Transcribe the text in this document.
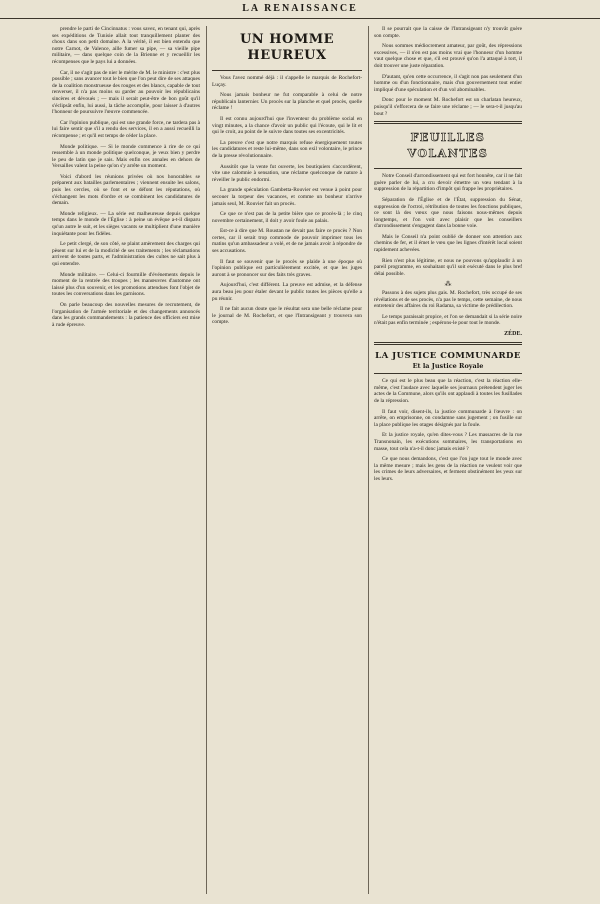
LA RENAISSANCE

prendre le parti de Cincinnatus : vous savez, en tenant qui, après ses expéditions de Tunisie allait tout tranquillement planter des choux dans son petit domaine. A la vérité, il est bien entendu que notre Carnot, de Valence, aille fumer sa pipe, — sa vieille pipe militaire, — dans quelque coin de la Brienne et y recueillir les récompenses que le pays lui a données.

Car, il ne s'agit pas de nier le mérite de M. le ministre : c'est plus possible ; sans avancer tout le bien que l'on peut dire de ses attaques de la coalition monstrueuse des rouges et des blancs, capable de tout renverser, il n'a pas moins su garder au pouvoir les républicains sincères et dévoués ; — mais il serait peut-être de bon goût qu'il s'éclipsât enfin, lui aussi, la tâche accomplie, pour laisser à d'autres l'honneur de poursuivre l'œuvre commencée.

Car l'opinion publique, qui est une grande force, ne tardera pas à lui faire sentir que s'il a rendu des services, il en a aussi recueilli la récompense ; et qu'il est temps de céder la place.

Monde politique. — Si le monde commence à rire de ce qui ressemble à un monde politique quelconque, je veux bien y perdre le peu de latin que je sais. Mais enfin ces annales en dehors de Versailles valent la peine qu'on s'y arrête un moment.

Voici d'abord les réunions privées où nos honorables se préparent aux batailles parlementaires ; viennent ensuite les salons, puis les cercles, où se font et se défont les réputations, où s'échangent les mots d'ordre et se combinent les candidatures de demain.

Monde religieux. — La série est malheureuse depuis quelque temps dans le monde de l'Église : à peine un évêque a-t-il disparu qu'un autre le suit, et les sièges vacants se multiplient d'une manière inquiétante pour les fidèles.

Le petit clergé, de son côté, se plaint amèrement des charges qui pèsent sur lui et de la modicité de ses traitements ; les réclamations arrivent de toutes parts, et l'administration des cultes ne sait plus à qui entendre.

Monde militaire. — Celui-ci fourmille d'événements depuis le moment de la rentrée des troupes ; les manœuvres d'automne ont laissé plus d'un souvenir, et les promotions attendues font l'objet de toutes les conversations dans les garnisons.

On parle beaucoup des nouvelles mesures de recrutement, de l'organisation de l'armée territoriale et des changements annoncés dans les grands commandements : la patience des officiers est mise à rude épreuve.

UN HOMME HEUREUX

Vous l'avez nommé déjà : il s'appelle le marquis de Rochefort-Luçay.

Nous jamais bonheur ne fut comparable à celui de notre républicain lanternier. Un procès sur la planche et quel procès, quelle réclame !

Il est connu aujourd'hui que l'inventeur du problème social en vingt minutes, a la chance d'avoir un public qui l'écoute, qui le lit et qui le croit, au point de le suivre dans toutes ses excentricités.

La preuve c'est que notre marquis refuse énergiquement toutes les candidatures et reste lui-même, dans son exil volontaire, le prince de la presse révolutionnaire.

Aussitôt que la vente fut ouverte, les boutiquiers s'accordèrent, vite une calomnie à sensation, une réclame quelconque de nature à réveiller le public endormi.

La grande spéculation Gambetta-Rouvier est venue à point pour secouer la torpeur des vacances, et comme un bonheur n'arrive jamais seul, M. Rouvier fait un procès.

Ce que ce n'est pas de la petite bière que ce procès-là ; le cinq novembre certainement, il doit y avoir foule au palais.

Est-ce à dire que M. Roustan ne devait pas faire ce procès ? Non certes, car il serait trop commode de pouvoir imprimer tous les matins qu'un ambassadeur a volé, et de ne jamais avoir à répondre de ses accusations.

Il faut se souvenir que le procès se plaide à une époque où l'opinion publique est particulièrement excitée, et que les juges auront à se prononcer sur des faits très graves.

Aujourd'hui, c'est différent. La preuve est admise, et la défense aura beau jeu pour étaler devant le public toutes les pièces qu'elle a pu réunir.

Il ne fait aucun doute que le résultat sera une belle réclame pour le journal de M. Rochefort, et que l'Intransigeant y trouvera son compte.

Il se pourrait que la caisse de l'Intransigeant n'y trouvât guère son compte.

Nous sommes médiocrement amateur, par goût, des répressions excessives, — il n'en est pas moins vrai que l'honneur d'un homme vaut quelque chose et que, s'il est prouvé qu'on l'a attaqué à tort, il doit trouver une juste réparation.

D'autant, qu'en cette occurrence, il s'agit non pas seulement d'un homme ou d'un fonctionnaire, mais d'un gouvernement tout entier impliqué d'une spéculation et d'un vol abominables.

Donc pour le moment M. Rochefort est un charlatan heureux, puisqu'il s'efforcera de se faire une réclame ; — le sera-t-il jusqu'au bout ?

FEUILLES VOLANTES

Notre Conseil d'arrondissement qui est fort honnête, car il ne fait guère parler de lui, a cru devoir émettre un vœu tendant à la suppression de la répartition d'impôt qui frappe les propriétaires.

Séparation de l'Église et de l'État, suppression du Sénat, suppression de l'octroi, rétribution de toutes les fonctions publiques, ce sont là des vœux que nous faisons nous-mêmes depuis longtemps, et l'on voit avec plaisir que les conseillers d'arrondissement s'engagent dans la bonne voie.

Mais le Conseil n'a point oublié de donner son attention aux chemins de fer, et il émet le vœu que les lignes d'intérêt local soient rapidement achevées.

Rien n'est plus légitime, et nous ne pouvons qu'applaudir à un pareil programme, en souhaitant qu'il soit exécuté dans le plus bref délai possible.

⁂

Passons à des sujets plus gais. M. Rochefort, très occupé de ses révélations et de ses procès, n'a pas le temps, cette semaine, de nous entretenir des affaires du roi Radama, sa victime de prédilection.

Le temps paraissait propice, et l'on se demandait si la série noire n'était pas enfin terminée ; espérons-le pour tout le monde.

ZÉDE.
LA JUSTICE COMMUNARDE
Et la Justice Royale

Ce qui est le plus beau que la réaction, c'est la réaction elle-même, c'est l'audace avec laquelle ses journaux prétendent juger les actes de la Commune, alors qu'ils ont applaudi à toutes les fusillades de la répression.

Il faut voir, disent-ils, la justice communarde à l'œuvre : on arrête, on emprisonne, on condamne sans jugement ; on fusille sur la place publique les otages désignés par la foule.

Et la justice royale, qu'en dites-vous ? Les massacres de la rue Transnonain, les exécutions sommaires, les transportations en masse, tout cela n'a-t-il donc jamais existé ?

Ce que nous demandons, c'est que l'on juge tout le monde avec la même mesure ; mais les gens de la réaction ne veulent voir que les crimes de leurs adversaires, et ferment obstinément les yeux sur les leurs.
